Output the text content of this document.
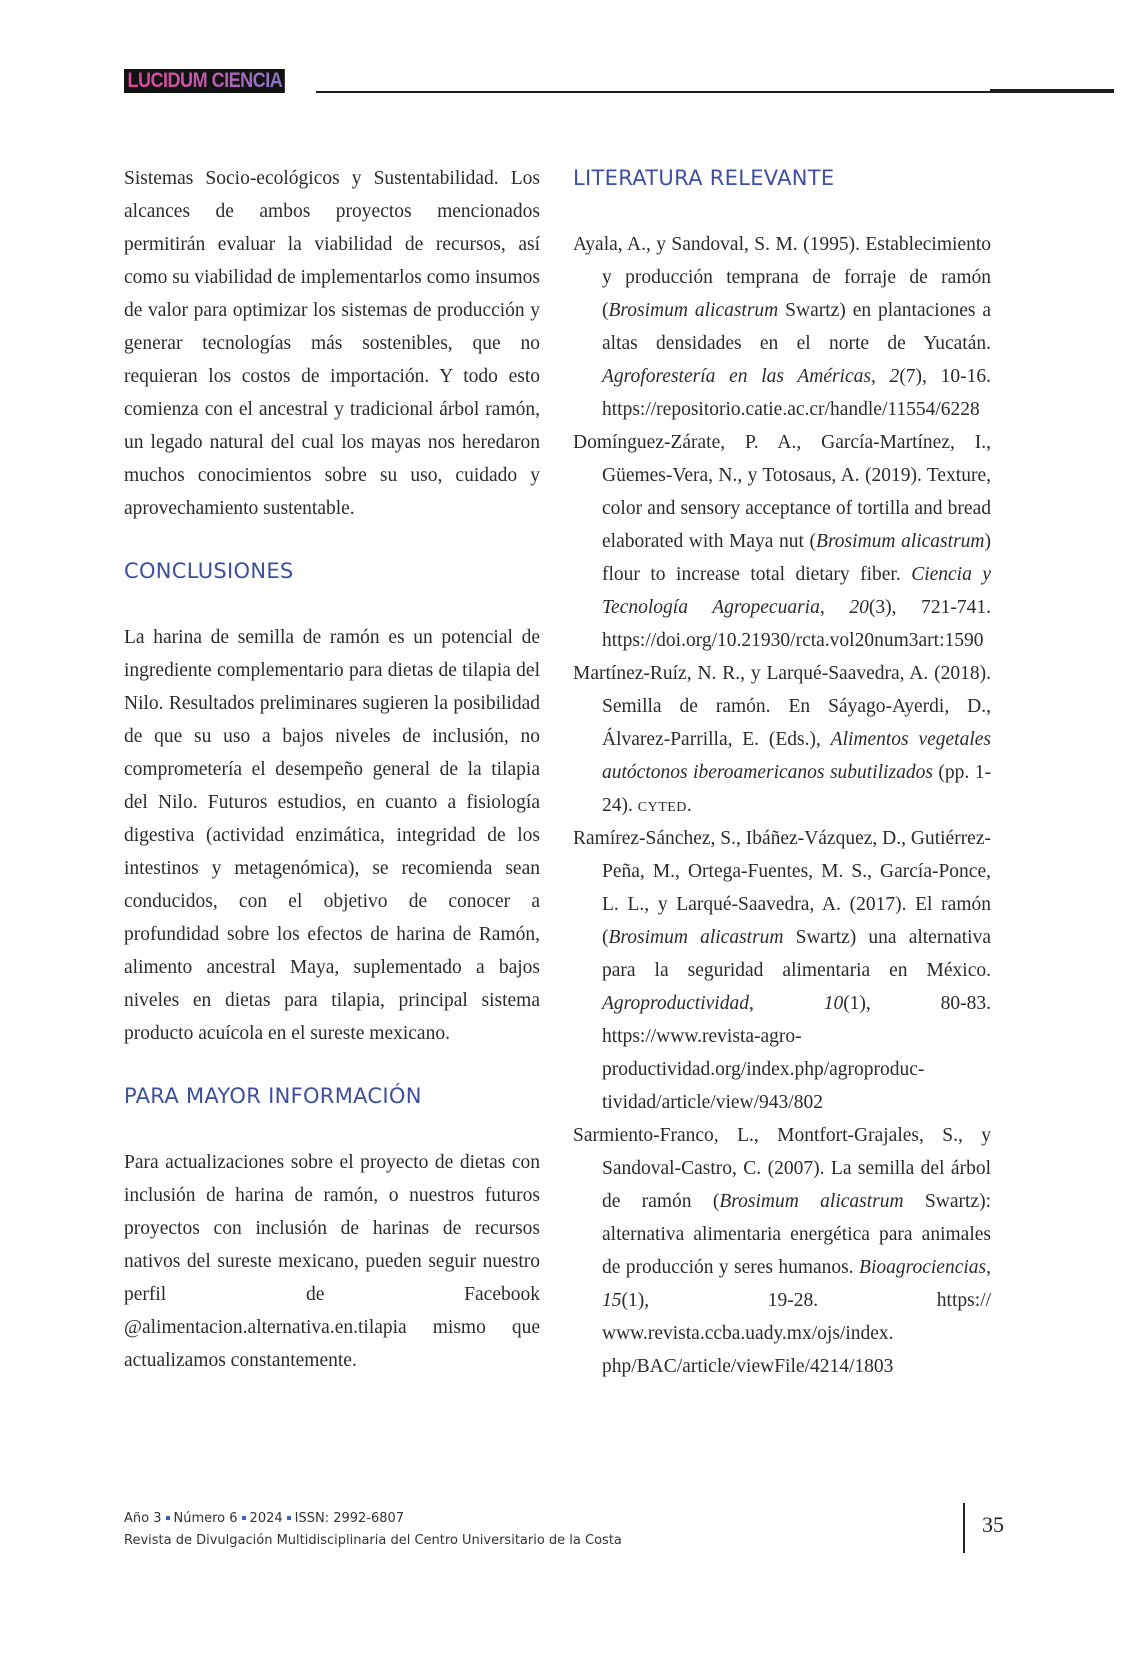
LUCIDUM CIENCIA

Sistemas Socio-ecológicos y Sustentabilidad. Los alcances de ambos proyectos mencionados permitirán evaluar la viabilidad de recursos, así como su viabilidad de implementarlos como insumos de valor para optimizar los sistemas de producción y generar tecnologías más sostenibles, que no requieran los costos de importación. Y todo esto comienza con el ancestral y tradicional árbol ramón, un legado natural del cual los mayas nos heredaron muchos conocimientos sobre su uso, cuidado y aprovechamiento sustentable.

CONCLUSIONES

La harina de semilla de ramón es un potencial de ingrediente complementario para dietas de tilapia del Nilo. Resultados preliminares sugieren la posibilidad de que su uso a bajos niveles de inclusión, no comprometería el desempeño general de la tilapia del Nilo. Futuros estudios, en cuanto a fisiología digestiva (actividad enzimática, integridad de los intestinos y metagenómica), se recomienda sean conducidos, con el objetivo de conocer a profundidad sobre los efectos de harina de Ramón, alimento ancestral Maya, suplementado a bajos niveles en dietas para tilapia, principal sistema producto acuícola en el sureste mexicano.

PARA MAYOR INFORMACIÓN

Para actualizaciones sobre el proyecto de dietas con inclusión de harina de ramón, o nuestros futuros proyectos con inclusión de harinas de recursos nativos del sureste mexicano, pueden seguir nuestro perfil de Facebook @alimentacion.alternativa.en.tilapia mismo que actualizamos constantemente.

LITERATURA RELEVANTE

Ayala, A., y Sandoval, S. M. (1995). Establecimiento y producción temprana de forraje de ramón (Brosimum alicastrum Swartz) en plantaciones a altas densidades en el norte de Yucatán. Agroforestería en las Américas, 2(7), 10-16. https://repositorio.catie.ac.​cr/handle/11554/6228

Domínguez-Zárate, P. A., García-Martínez, I., Güemes-Vera, N., y Totosaus, A. (2019). Texture, color and sensory acceptance of tortilla and bread elaborated with Maya nut (Brosimum alicastrum) flour to increase total dietary fiber. Ciencia y Tecnología Agropecuaria, 20(3), 721-741. https://doi.​org/10.21930/rcta.vol20num3art:1590

Martínez-Ruíz, N. R., y Larqué-Saavedra, A. (2018). Semilla de ramón. En Sáyago-Ayerdi, D., Álvarez-Parrilla, E. (Eds.), Alimentos vegetales autóctonos iberoamericanos subutilizados (pp. 1-24). cyted.

Ramírez-Sánchez, S., Ibáñez-Vázquez, D., Gutiérrez-Peña, M., Ortega-Fuentes, M. S., García-Ponce, L. L., y Larqué-Saavedra, A. (2017). El ramón (Brosimum alicastrum Swartz) una alternativa para la seguridad alimentaria en México. Agroproductividad, 10(1), 80-83. https://www.revista-agroproductividad.org/index.php/agroproductividad/article/view/943/802

Sarmiento-Franco, L., Montfort-Grajales, S., y Sandoval-Castro, C. (2007). La semilla del árbol de ramón (Brosimum alicastrum Swartz): alternativa alimentaria energética para animales de producción y seres humanos. Bioagrociencias, 15(1), 19-28. https://​www.revista.ccba.uady.mx/ojs/index.​php/BAC/article/viewFile/4214/1803

Año 3 Número 6 2024 ISSN: 2992-6807
Revista de Divulgación Multidisciplinaria del Centro Universitario de la Costa
35
